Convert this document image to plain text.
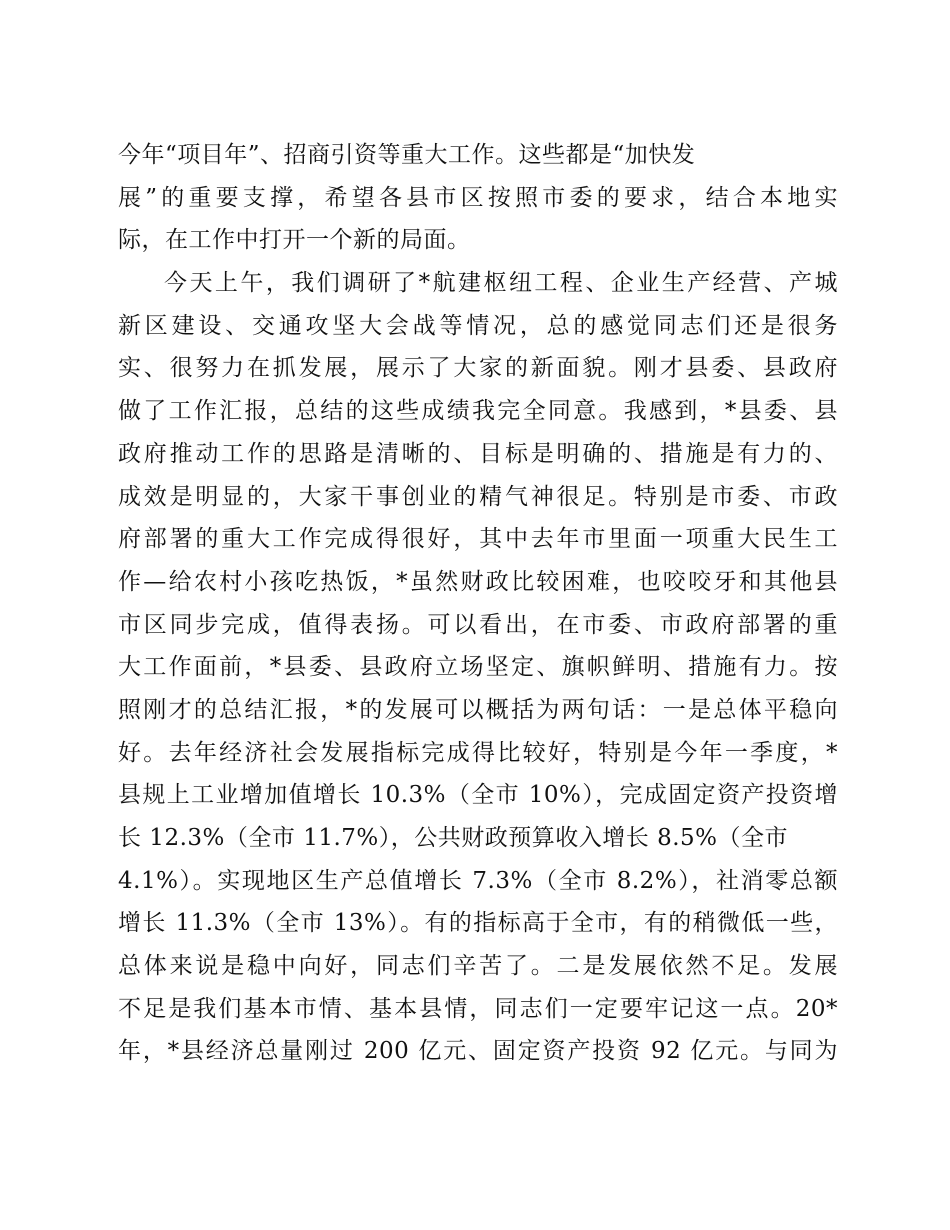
今年“项目年”、招商引资等重大工作。这些都是“加快发
展”的重要支撑，希望各县市区按照市委的要求，结合本地实
际，在工作中打开一个新的局面。
今天上午，我们调研了*航建枢纽工程、企业生产经营、产城
新区建设、交通攻坚大会战等情况，总的感觉同志们还是很务
实、很努力在抓发展，展示了大家的新面貌。刚才县委、县政府
做了工作汇报，总结的这些成绩我完全同意。我感到，*县委、县
政府推动工作的思路是清晰的、目标是明确的、措施是有力的、
成效是明显的，大家干事创业的精气神很足。特别是市委、市政
府部署的重大工作完成得很好，其中去年市里面一项重大民生工
作—给农村小孩吃热饭，*虽然财政比较困难，也咬咬牙和其他县
市区同步完成，值得表扬。可以看出，在市委、市政府部署的重
大工作面前，*县委、县政府立场坚定、旗帜鲜明、措施有力。按
照刚才的总结汇报，*的发展可以概括为两句话：一是总体平稳向
好。去年经济社会发展指标完成得比较好，特别是今年一季度，*
县规上工业增加值增长 10.3%（全市 10%），完成固定资产投资增
长 12.3%（全市 11.7%），公共财政预算收入增长 8.5%（全市
4.1%）。实现地区生产总值增长 7.3%（全市 8.2%），社消零总额
增长 11.3%（全市 13%）。有的指标高于全市，有的稍微低一些，
总体来说是稳中向好，同志们辛苦了。二是发展依然不足。发展
不足是我们基本市情、基本县情，同志们一定要牢记这一点。20*
年，*县经济总量刚过 200 亿元、固定资产投资 92 亿元。与同为
